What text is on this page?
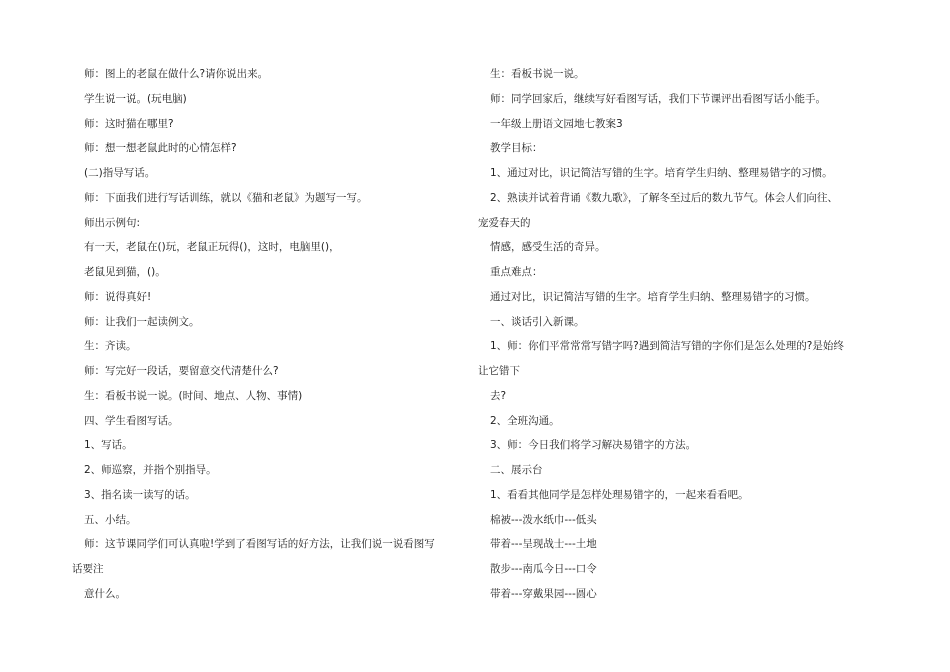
师：图上的老鼠在做什么?请你说出来。
学生说一说。(玩电脑)
师：这时猫在哪里?
师：想一想老鼠此时的心情怎样?
(二)指导写话。
师：下面我们进行写话训练，就以《猫和老鼠》为题写一写。
师出示例句:
有一天，老鼠在()玩，老鼠正玩得()，这时，电脑里()，
老鼠见到猫，()。
师：说得真好!
师：让我们一起读例文。
生：齐读。
师：写完好一段话，要留意交代清楚什么?
生：看板书说一说。(时间、地点、人物、事情)
四、学生看图写话。
1、写话。
2、师巡察，并指个别指导。
3、指名读一读写的话。
五、小结。
师：这节课同学们可认真啦!学到了看图写话的好方法，让我们说一说看图写
话要注
意什么。
生：看板书说一说。
师：同学回家后，继续写好看图写话，我们下节课评出看图写话小能手。
一年级上册语文园地七教案3
教学目标：
1、通过对比，识记简洁写错的生字。培育学生归纳、整理易错字的习惯。
2、熟读并试着背诵《数九歌》，了解冬至过后的数九节气。体会人们向往、
宠爱春天的
情感，感受生活的奇异。
重点难点：
通过对比，识记简洁写错的生字。培育学生归纳、整理易错字的习惯。
一、谈话引入新课。
1、师：你们平常常常写错字吗?遇到简洁写错的字你们是怎么处理的?是始终
让它错下
去?
2、全班沟通。
3、师：今日我们将学习解决易错字的方法。
二、展示台
1、看看其他同学是怎样处理易错字的，一起来看看吧。
棉被---泼水纸巾---低头
带着---呈现战士---土地
散步---南瓜今日---口令
带着---穿戴果园---圆心
